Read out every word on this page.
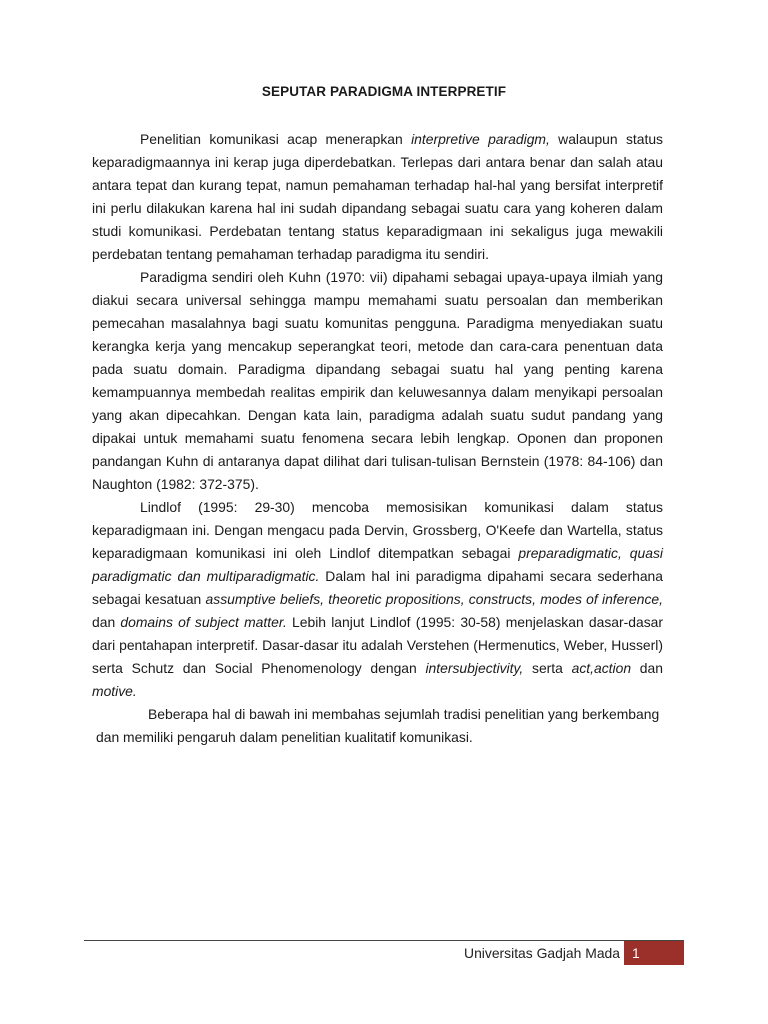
SEPUTAR PARADIGMA INTERPRETIF

Penelitian komunikasi acap menerapkan interpretive paradigm, walaupun status keparadigmaannya ini kerap juga diperdebatkan. Terlepas dari antara benar dan salah atau antara tepat dan kurang tepat, namun pemahaman terhadap hal-hal yang bersifat interpretif ini perlu dilakukan karena hal ini sudah dipandang sebagai suatu cara yang koheren dalam studi komunikasi. Perdebatan tentang status keparadigmaan ini sekaligus juga mewakili perdebatan tentang pemahaman terhadap paradigma itu sendiri.

Paradigma sendiri oleh Kuhn (1970: vii) dipahami sebagai upaya-upaya ilmiah yang diakui secara universal sehingga mampu memahami suatu persoalan dan memberikan pemecahan masalahnya bagi suatu komunitas pengguna. Paradigma menyediakan suatu kerangka kerja yang mencakup seperangkat teori, metode dan cara-cara penentuan data pada suatu domain. Paradigma dipandang sebagai suatu hal yang penting karena kemampuannya membedah realitas empirik dan keluwesannya dalam menyikapi persoalan yang akan dipecahkan. Dengan kata lain, paradigma adalah suatu sudut pandang yang dipakai untuk memahami suatu fenomena secara lebih lengkap. Oponen dan proponen pandangan Kuhn di antaranya dapat dilihat dari tulisan-tulisan Bernstein (1978: 84-106) dan Naughton (1982: 372-375).

Lindlof (1995: 29-30) mencoba memosisikan komunikasi dalam status keparadigmaan ini. Dengan mengacu pada Dervin, Grossberg, O'Keefe dan Wartella, status keparadigmaan komunikasi ini oleh Lindlof ditempatkan sebagai preparadigmatic, quasi paradigmatic dan multiparadigmatic. Dalam hal ini paradigma dipahami secara sederhana sebagai kesatuan assumptive beliefs, theoretic propositions, constructs, modes of inference, dan domains of subject matter. Lebih lanjut Lindlof (1995: 30-58) menjelaskan dasar-dasar dari pentahapan interpretif. Dasar-dasar itu adalah Verstehen (Hermenutics, Weber, Husserl) serta Schutz dan Social Phenomenology dengan intersubjectivity, serta act,action dan motive.

Beberapa hal di bawah ini membahas sejumlah tradisi penelitian yang berkembang dan memiliki pengaruh dalam penelitian kualitatif komunikasi.

Universitas Gadjah Mada 1
